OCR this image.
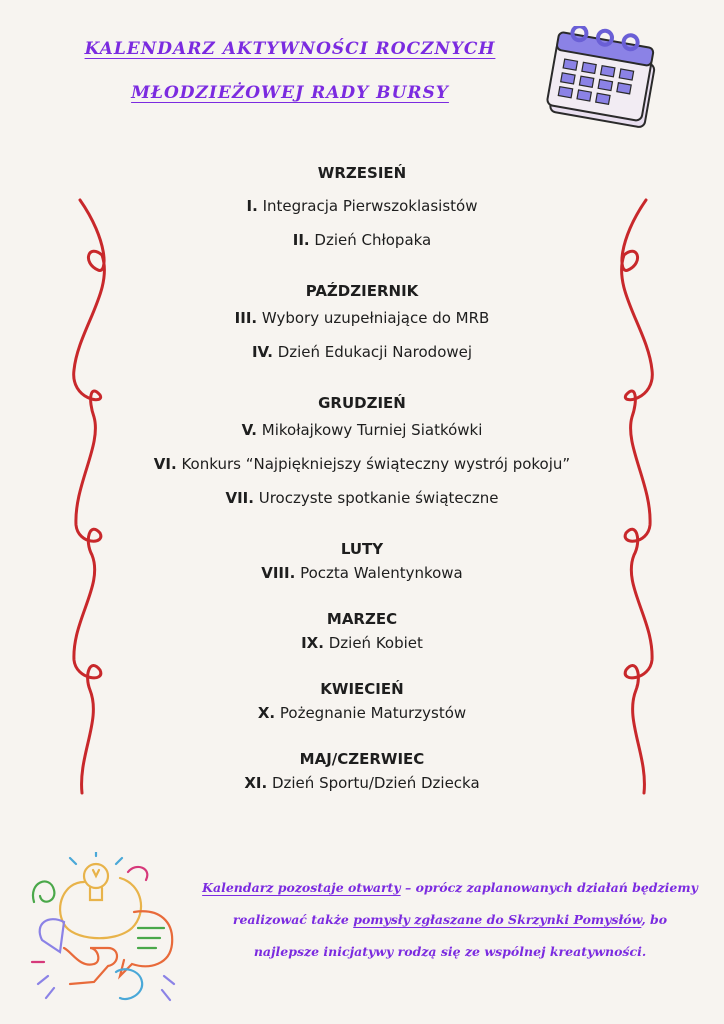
KALENDARZ AKTYWNOŚCI ROCZNYCH
MŁODZIEŻOWEJ RADY BURSY

WRZESIEŃ

I. Integracja Pierwszoklasistów

II. Dzień Chłopaka

PAŹDZIERNIK

III. Wybory uzupełniające do MRB

IV. Dzień Edukacji Narodowej

GRUDZIEŃ

V. Mikołajkowy Turniej Siatkówki

VI. Konkurs “Najpiękniejszy świąteczny wystrój pokoju”

VII. Uroczyste spotkanie świąteczne

LUTY

VIII. Poczta Walentynkowa

MARZEC

IX. Dzień Kobiet

KWIECIEŃ

X. Pożegnanie Maturzystów

MAJ/CZERWIEC

XI. Dzień Sportu/Dzień Dziecka

Kalendarz pozostaje otwarty – oprócz zaplanowanych działań będziemy realizować także pomysły zgłaszane do Skrzynki Pomysłów, bo najlepsze inicjatywy rodzą się ze wspólnej kreatywności.
